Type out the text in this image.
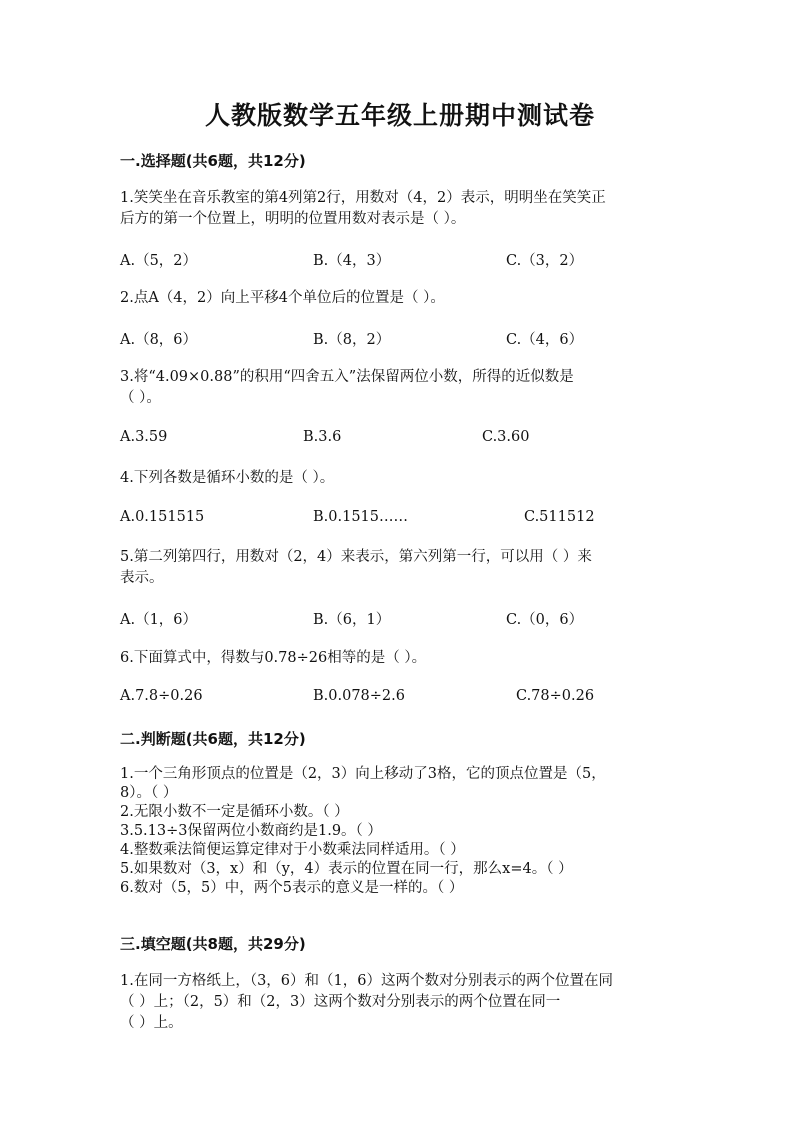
人教版数学五年级上册期中测试卷
一.选择题(共6题，共12分)
1.笑笑坐在音乐教室的第4列第2行，用数对（4，2）表示，明明坐在笑笑正
后方的第一个位置上，明明的位置用数对表示是（ ）。
A.（5，2）	B.（4，3）	C.（3，2）
2.点A（4，2）向上平移4个单位后的位置是（ ）。
A.（8，6）	B.（8，2）	C.（4，6）
3.将“4.09×0.88”的积用“四舍五入”法保留两位小数，所得的近似数是
（ ）。
A.3.59	B.3.6	C.3.60
4.下列各数是循环小数的是（ ）。
A.0.151515	B.0.1515……	C.511512
5.第二列第四行，用数对（2，4）来表示，第六列第一行，可以用（ ）来
表示。
A.（1，6）	B.（6，1）	C.（0，6）
6.下面算式中，得数与0.78÷26相等的是（ ）。
A.7.8÷0.26	B.0.078÷2.6	C.78÷0.26
二.判断题(共6题，共12分)
1.一个三角形顶点的位置是（2，3）向上移动了3格，它的顶点位置是（5，
8）。（ ）
2.无限小数不一定是循环小数。（ ）
3.5.13÷3保留两位小数商约是1.9。（ ）
4.整数乘法简便运算定律对于小数乘法同样适用。（ ）
5.如果数对（3，x）和（y，4）表示的位置在同一行，那么x=4。（ ）
6.数对（5，5）中，两个5表示的意义是一样的。（ ）
三.填空题(共8题，共29分)
1.在同一方格纸上，（3，6）和（1，6）这两个数对分别表示的两个位置在同
（ ）上；（2，5）和（2，3）这两个数对分别表示的两个位置在同一
（ ）上。
